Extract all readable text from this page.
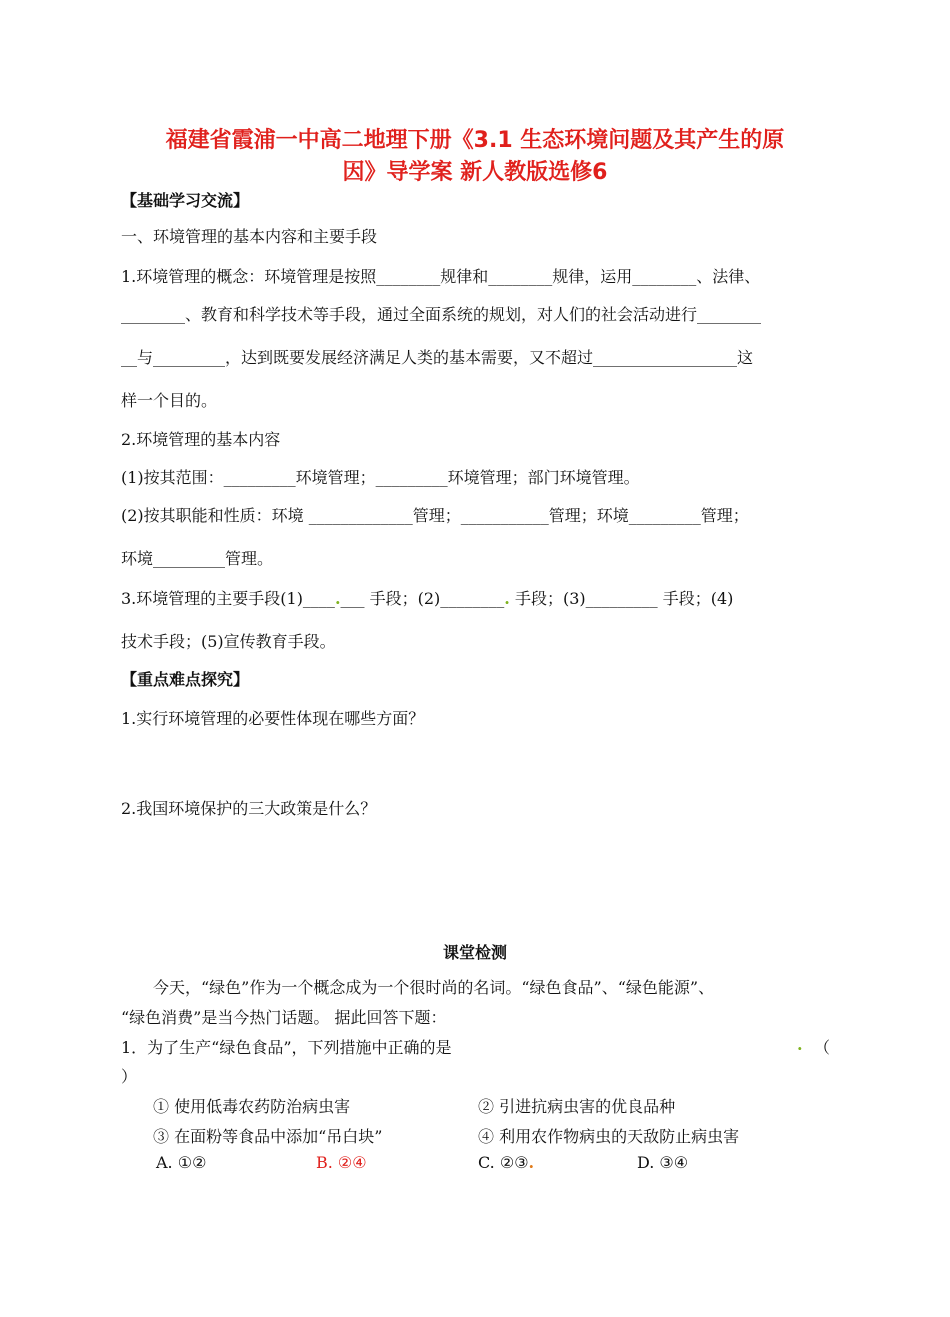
福建省霞浦一中高二地理下册《3.1 生态环境问题及其产生的原
因》导学案 新人教版选修6
【基础学习交流】
一、环境管理的基本内容和主要手段
1.环境管理的概念：环境管理是按照________规律和________规律，运用________、法律、
________、教育和科学技术等手段，通过全面系统的规划，对人们的社会活动进行________
__与_________，达到既要发展经济满足人类的基本需要，又不超过__________________这
样一个目的。
2.环境管理的基本内容
(1)按其范围：_________环境管理；_________环境管理；部门环境管理。
(2)按其职能和性质：环境 _____________管理；___________管理；环境_________管理；
环境_________管理。
3.环境管理的主要手段(1)____.___ 手段；(2)________. 手段；(3)_________ 手段；(4)
技术手段；(5)宣传教育手段。
【重点难点探究】
1.实行环境管理的必要性体现在哪些方面？
2.我国环境保护的三大政策是什么？
课堂检测
今天，“绿色”作为一个概念成为一个很时尚的名词。“绿色食品”、“绿色能源”、
“绿色消费”是当今热门话题。 据此回答下题：
1．为了生产“绿色食品”，下列措施中正确的是	. （
）
① 使用低毒农药防治病虫害	② 引进抗病虫害的优良品种
③ 在面粉等食品中添加“吊白块”	④ 利用农作物病虫的天敌防止病虫害
A. ①②	B. ②④	C. ②③.	D. ③④
